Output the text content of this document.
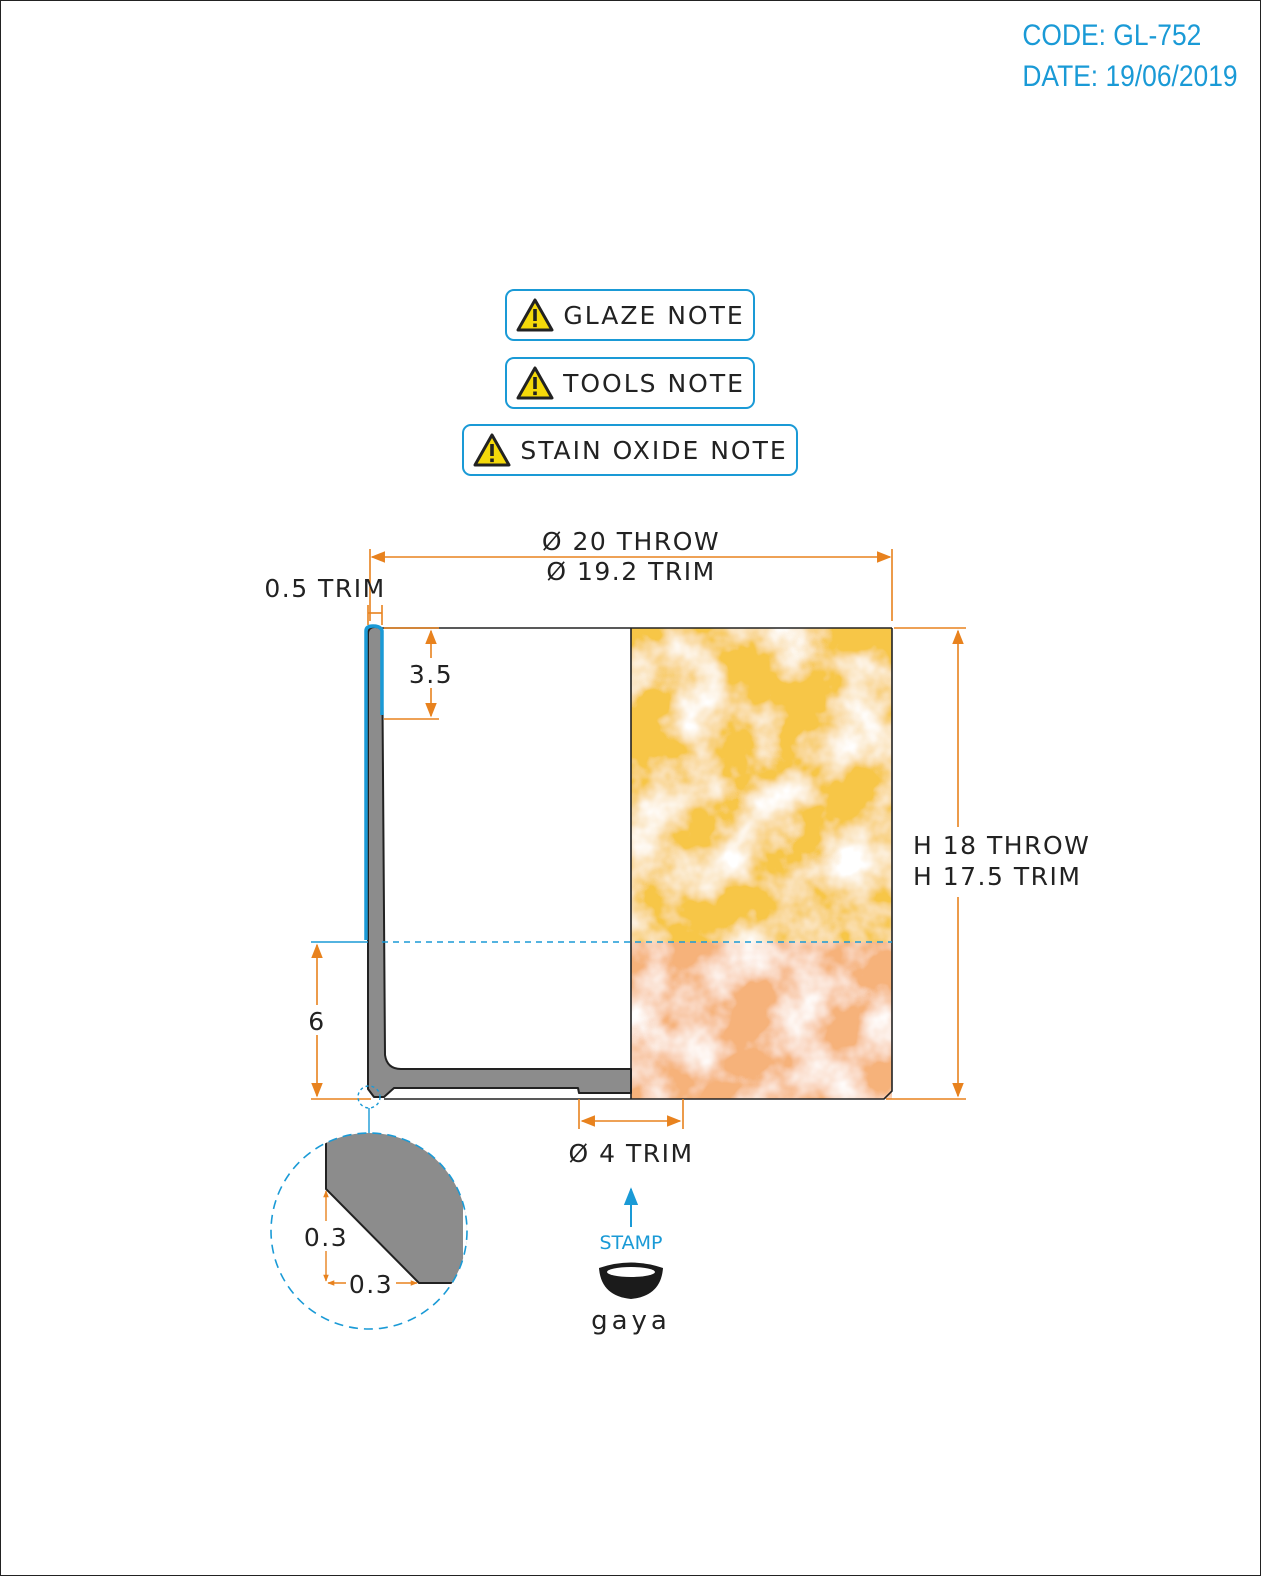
CODE: GL-752
DATE: 19/06/2019
GLAZE NOTE
TOOLS NOTE
STAIN OXIDE NOTE
Ø 20 THROW
Ø 19.2 TRIM
0.5 TRIM
3.5
H 18 THROW
H 17.5 TRIM
6
Ø 4 TRIM
0.3
0.3
STAMP
gaya
